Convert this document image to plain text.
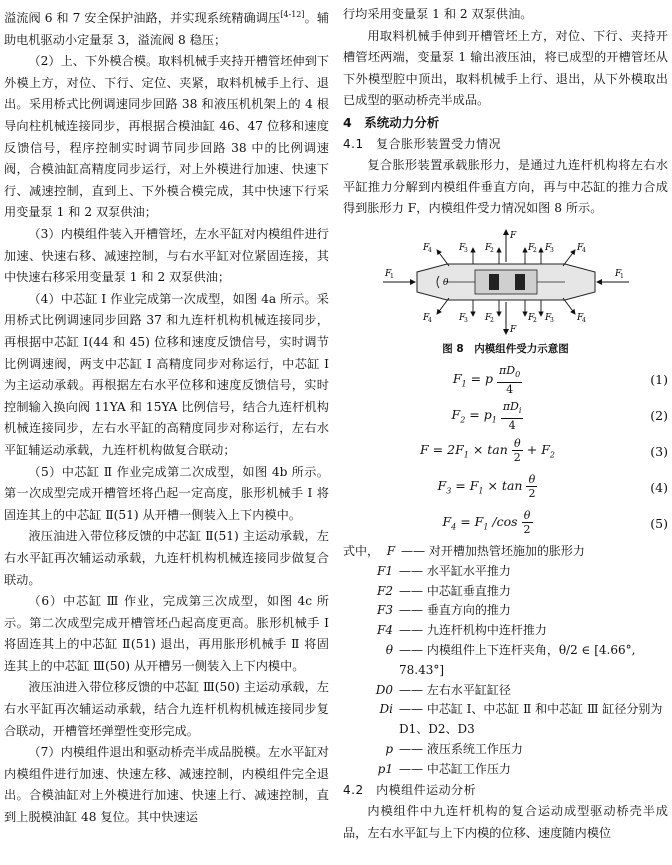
溢流阀 6 和 7 安全保护油路，并实现系统精确调压[4-12]。辅助电机驱动小定量泵 3，溢流阀 8 稳压；

（2）上、下外模合模。取料机械手夹持开槽管坯伸到下外模上方，对位、下行、定位、夹紧，取料机械手上行、退出。采用桥式比例调速同步回路 38 和液压机机架上的 4 根导向柱机械连接同步，再根据合模油缸 46、47 位移和速度反馈信号，程序控制实时调节同步回路 38 中的比例调速阀，合模油缸高精度同步运行，对上外模进行加速、快速下行、减速控制，直到上、下外模合模完成，其中快速下行采用变量泵 1 和 2 双泵供油；

（3）内模组件装入开槽管坯，左水平缸对内模组件进行加速、快速右移、减速控制，与右水平缸对位紧固连接，其中快速右移采用变量泵 1 和 2 双泵供油；

（4）中芯缸 Ⅰ 作业完成第一次成型，如图 4a 所示。采用桥式比例调速同步回路 37 和九连杆机构机械连接同步，再根据中芯缸 Ⅰ(44 和 45) 位移和速度反馈信号，实时调节比例调速阀，两支中芯缸 Ⅰ 高精度同步对称运行，中芯缸 Ⅰ 为主运动承载。再根据左右水平位移和速度反馈信号，实时控制输入换向阀 11YA 和 15YA 比例信号，结合九连杆机构机械连接同步，左右水平缸的高精度同步对称运行，左右水平缸辅运动承载，九连杆机构做复合联动；

（5）中芯缸 Ⅱ 作业完成第二次成型，如图 4b 所示。第一次成型完成开槽管坯将凸起一定高度，胀形机械手 Ⅰ 将固连其上的中芯缸 Ⅱ(51) 从开槽一侧装入上下内模中。

液压油进入带位移反馈的中芯缸 Ⅱ(51) 主运动承载，左右水平缸再次辅运动承载，九连杆机构机械连接同步做复合联动。

（6）中芯缸 Ⅲ 作业，完成第三次成型，如图 4c 所示。第二次成型完成开槽管坯凸起高度更高。胀形机械手 Ⅰ 将固连其上的中芯缸 Ⅱ(51) 退出，再用胀形机械手 Ⅱ 将固连其上的中芯缸 Ⅲ(50) 从开槽另一侧装入上下内模中。

液压油进入带位移反馈的中芯缸 Ⅲ(50) 主运动承载，左右水平缸再次辅运动承载，结合九连杆机构机械连接同步复合联动，开槽管坯弹塑性变形完成。

（7）内模组件退出和驱动桥壳半成品脱模。左水平缸对内模组件进行加速、快速左移、减速控制，内模组件完全退出。合模油缸对上外模进行加速、快速上行、减速控制，直到上脱模油缸 48 复位。其中快速运

行均采用变量泵 1 和 2 双泵供油。

用取料机械手伸到开槽管坯上方，对位、下行、夹持开槽管坯两端，变量泵 1 输出液压油，将已成型的开槽管坯从下外模型腔中顶出，取料机械手上行、退出，从下外模取出已成型的驱动桥壳半成品。

4　系统动力分析

4.1　复合胀形装置受力情况

复合胀形装置承载胀形力，是通过九连杆机构将左右水平缸推力分解到内模组件垂直方向，再与中芯缸的推力合成得到胀形力 F，内模组件受力情况如图 8 所示。

F
1	F
1
F
F
F
4
F
4
F
4
F
4
F
3
F
3
F
3
F
3
F
2
F
2
F
2
F
2
θ

图 8　内模组件受力示意图

$F_1 = p \frac{\pi D_0}{4}$	(1)
$F_2 = p_1 \frac{\pi D_i}{4}$	(2)
$F = 2F_1 \times \tan \frac{\theta}{2} + F_2$	(3)
$F_3 = F_1 \times \tan \frac{\theta}{2}$	(4)
$F_4 = F_1$ $/\cos \frac{\theta}{2}$	(5)
式中， F —— 对开槽加热管坯施加的胀形力
F1 —— 水平缸水平推力
F2 —— 中芯缸垂直推力
F3 —— 垂直方向的推力
F4 —— 九连杆机构中连杆推力
θ —— 内模组件上下连杆夹角，θ/2 ∈ [4.66°, 78.43°]
D0 —— 左右水平缸缸径
Di —— 中芯缸 Ⅰ、中芯缸 Ⅱ 和中芯缸 Ⅲ 缸径分别为 D1、D2、D3
p —— 液压系统工作压力
p1 —— 中芯缸工作压力

4.2　内模组件运动分析

内模组件中九连杆机构的复合运动成型驱动桥壳半成品，左右水平缸与上下内模的位移、速度随内模位
